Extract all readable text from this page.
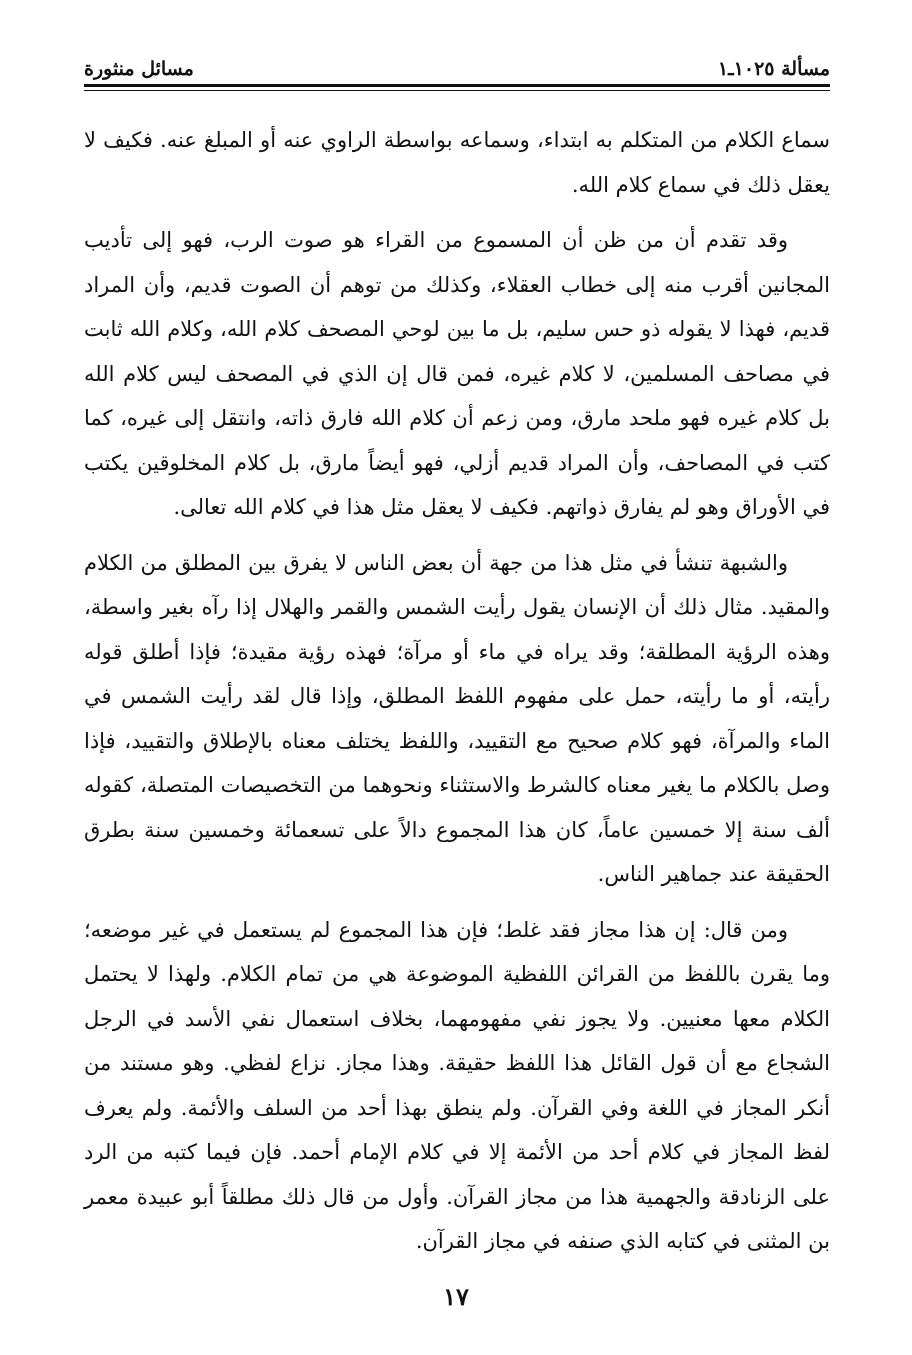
مسألة ١٠٢٥ـ١
مسائل منثورة

سماع الكلام من المتكلم به ابتداء، وسماعه بواسطة الراوي عنه أو المبلغ عنه. فكيف لا يعقل ذلك في سماع كلام الله.

وقد تقدم أن من ظن أن المسموع من القراء هو صوت الرب، فهو إلى تأديب المجانين أقرب منه إلى خطاب العقلاء، وكذلك من توهم أن الصوت قديم، وأن المراد قديم، فهذا لا يقوله ذو حس سليم، بل ما بين لوحي المصحف كلام الله، وكلام الله ثابت في مصاحف المسلمين، لا كلام غيره، فمن قال إن الذي في المصحف ليس كلام الله بل كلام غيره فهو ملحد مارق، ومن زعم أن كلام الله فارق ذاته، وانتقل إلى غيره، كما كتب في المصاحف، وأن المراد قديم أزلي، فهو أيضاً مارق، بل كلام المخلوقين يكتب في الأوراق وهو لم يفارق ذواتهم. فكيف لا يعقل مثل هذا في كلام الله تعالى.

والشبهة تنشأ في مثل هذا من جهة أن بعض الناس لا يفرق بين المطلق من الكلام والمقيد. مثال ذلك أن الإنسان يقول رأيت الشمس والقمر والهلال إذا رآه بغير واسطة، وهذه الرؤية المطلقة؛ وقد يراه في ماء أو مرآة؛ فهذه رؤية مقيدة؛ فإذا أطلق قوله رأيته، أو ما رأيته، حمل على مفهوم اللفظ المطلق، وإذا قال لقد رأيت الشمس في الماء والمرآة، فهو كلام صحيح مع التقييد، واللفظ يختلف معناه بالإطلاق والتقييد، فإذا وصل بالكلام ما يغير معناه كالشرط والاستثناء ونحوهما من التخصيصات المتصلة، كقوله ألف سنة إلا خمسين عاماً، كان هذا المجموع دالاً على تسعمائة وخمسين سنة بطرق الحقيقة عند جماهير الناس.

ومن قال: إن هذا مجاز فقد غلط؛ فإن هذا المجموع لم يستعمل في غير موضعه؛ وما يقرن باللفظ من القرائن اللفظية الموضوعة هي من تمام الكلام. ولهذا لا يحتمل الكلام معها معنيين. ولا يجوز نفي مفهومهما، بخلاف استعمال نفي الأسد في الرجل الشجاع مع أن قول القائل هذا اللفظ حقيقة. وهذا مجاز. نزاع لفظي. وهو مستند من أنكر المجاز في اللغة وفي القرآن. ولم ينطق بهذا أحد من السلف والأئمة. ولم يعرف لفظ المجاز في كلام أحد من الأئمة إلا في كلام الإمام أحمد. فإن فيما كتبه من الرد على الزنادقة والجهمية هذا من مجاز القرآن. وأول من قال ذلك مطلقاً أبو عبيدة معمر بن المثنى في كتابه الذي صنفه في مجاز القرآن.

١٧
